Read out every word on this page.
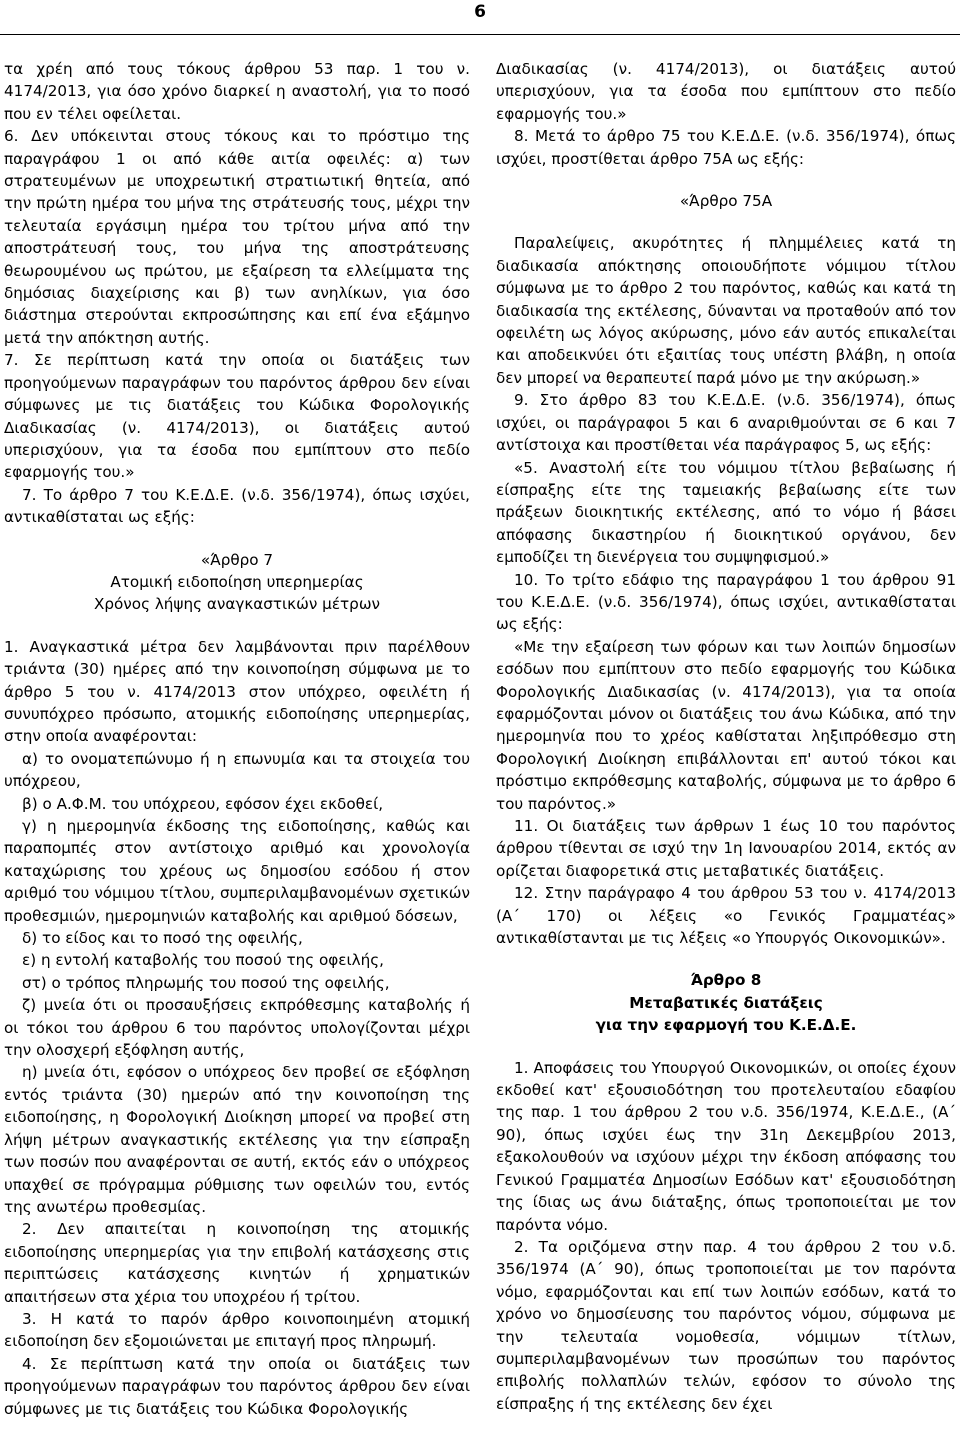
6

τα χρέη από τους τόκους άρθρου 53 παρ. 1 του ν. 4174/2013, για όσο χρόνο διαρκεί η αναστολή, για το ποσό που εν τέλει οφείλεται.

6. Δεν υπόκεινται στους τόκους και το πρόστιμο της παραγράφου 1 οι από κάθε αιτία οφειλές: α) των στρατευμένων με υποχρεωτική στρατιωτική θητεία, από την πρώτη ημέρα του μήνα της στράτευσής τους, μέχρι την τελευταία εργάσιμη ημέρα του τρίτου μήνα από την αποστράτευσή τους, του μήνα της αποστράτευσης θεωρουμένου ως πρώτου, με εξαίρεση τα ελλείμματα της δημόσιας διαχείρισης και β) των ανηλίκων, για όσο διάστημα στερούνται εκπροσώπησης και επί ένα εξάμηνο μετά την απόκτηση αυτής.

7. Σε περίπτωση κατά την οποία οι διατάξεις των προηγούμενων παραγράφων του παρόντος άρθρου δεν είναι σύμφωνες με τις διατάξεις του Κώδικα Φορολογικής Διαδικασίας (ν. 4174/2013), οι διατάξεις αυτού υπερισχύουν, για τα έσοδα που εμπίπτουν στο πεδίο εφαρμογής του.»

7. Το άρθρο 7 του Κ.Ε.Δ.Ε. (ν.δ. 356/1974), όπως ισχύει, αντικαθίσταται ως εξής:

«Άρθρο 7

Ατομική ειδοποίηση υπερημερίας

Χρόνος λήψης αναγκαστικών μέτρων

1. Αναγκαστικά μέτρα δεν λαμβάνονται πριν παρέλθουν τριάντα (30) ημέρες από την κοινοποίηση σύμφωνα με το άρθρο 5 του ν. 4174/2013 στον υπόχρεο, οφειλέτη ή συνυπόχρεο πρόσωπο, ατομικής ειδοποίησης υπερημερίας, στην οποία αναφέρονται:

α) το ονοματεπώνυμο ή η επωνυμία και τα στοιχεία του υπόχρεου,

β) ο Α.Φ.Μ. του υπόχρεου, εφόσον έχει εκδοθεί,

γ) η ημερομηνία έκδοσης της ειδοποίησης, καθώς και παραπομπές στον αντίστοιχο αριθμό και χρονολογία καταχώρισης του χρέους ως δημοσίου εσόδου ή στον αριθμό του νόμιμου τίτλου, συμπεριλαμβανομένων σχετικών προθεσμιών, ημερομηνιών καταβολής και αριθμού δόσεων,

δ) το είδος και το ποσό της οφειλής,

ε) η εντολή καταβολής του ποσού της οφειλής,

στ) ο τρόπος πληρωμής του ποσού της οφειλής,

ζ) μνεία ότι οι προσαυξήσεις εκπρόθεσμης καταβολής ή οι τόκοι του άρθρου 6 του παρόντος υπολογίζονται μέχρι την ολοσχερή εξόφληση αυτής,

η) μνεία ότι, εφόσον ο υπόχρεος δεν προβεί σε εξόφληση εντός τριάντα (30) ημερών από την κοινοποίηση της ειδοποίησης, η Φορολογική Διοίκηση μπορεί να προβεί στη λήψη μέτρων αναγκαστικής εκτέλεσης για την είσπραξη των ποσών που αναφέρονται σε αυτή, εκτός εάν ο υπόχρεος υπαχθεί σε πρόγραμμα ρύθμισης των οφειλών του, εντός της ανωτέρω προθεσμίας.

2. Δεν απαιτείται η κοινοποίηση της ατομικής ειδοποίησης υπερημερίας για την επιβολή κατάσχεσης στις περιπτώσεις κατάσχεσης κινητών ή χρηματικών απαιτήσεων στα χέρια του υποχρέου ή τρίτου.

3. Η κατά το παρόν άρθρο κοινοποιημένη ατομική ειδοποίηση δεν εξομοιώνεται με επιταγή προς πληρωμή.

4. Σε περίπτωση κατά την οποία οι διατάξεις των προηγούμενων παραγράφων του παρόντος άρθρου δεν είναι σύμφωνες με τις διατάξεις του Κώδικα Φορολογικής

Διαδικασίας (ν. 4174/2013), οι διατάξεις αυτού υπερισχύουν, για τα έσοδα που εμπίπτουν στο πεδίο εφαρμογής του.»

8. Μετά το άρθρο 75 του Κ.Ε.Δ.Ε. (ν.δ. 356/1974), όπως ισχύει, προστίθεται άρθρο 75Α ως εξής:

«Άρθρο 75Α

Παραλείψεις, ακυρότητες ή πλημμέλειες κατά τη διαδικασία απόκτησης οποιουδήποτε νόμιμου τίτλου σύμφωνα με το άρθρο 2 του παρόντος, καθώς και κατά τη διαδικασία της εκτέλεσης, δύνανται να προταθούν από τον οφειλέτη ως λόγος ακύρωσης, μόνο εάν αυτός επικαλείται και αποδεικνύει ότι εξαιτίας τους υπέστη βλάβη, η οποία δεν μπορεί να θεραπευτεί παρά μόνο με την ακύρωση.»

9. Στο άρθρο 83 του Κ.Ε.Δ.Ε. (ν.δ. 356/1974), όπως ισχύει, οι παράγραφοι 5 και 6 αναριθμούνται σε 6 και 7 αντίστοιχα και προστίθεται νέα παράγραφος 5, ως εξής:

«5. Αναστολή είτε του νόμιμου τίτλου βεβαίωσης ή είσπραξης είτε της ταμειακής βεβαίωσης είτε των πράξεων διοικητικής εκτέλεσης, από το νόμο ή βάσει απόφασης δικαστηρίου ή διοικητικού οργάνου, δεν εμποδίζει τη διενέργεια του συμψηφισμού.»

10. Το τρίτο εδάφιο της παραγράφου 1 του άρθρου 91 του Κ.Ε.Δ.Ε. (ν.δ. 356/1974), όπως ισχύει, αντικαθίσταται ως εξής:

«Με την εξαίρεση των φόρων και των λοιπών δημοσίων εσόδων που εμπίπτουν στο πεδίο εφαρμογής του Κώδικα Φορολογικής Διαδικασίας (ν. 4174/2013), για τα οποία εφαρμόζονται μόνον οι διατάξεις του άνω Κώδικα, από την ημερομηνία που το χρέος καθίσταται ληξιπρόθεσμο στη Φορολογική Διοίκηση επιβάλλονται επ' αυτού τόκοι και πρόστιμο εκπρόθεσμης καταβολής, σύμφωνα με το άρθρο 6 του παρόντος.»

11. Οι διατάξεις των άρθρων 1 έως 10 του παρόντος άρθρου τίθενται σε ισχύ την 1η Ιανουαρίου 2014, εκτός αν ορίζεται διαφορετικά στις μεταβατικές διατάξεις.

12. Στην παράγραφο 4 του άρθρου 53 του ν. 4174/2013 (Α΄ 170) οι λέξεις «ο Γενικός Γραμματέας» αντικαθίστανται με τις λέξεις «ο Υπουργός Οικονομικών».

Άρθρο 8

Μεταβατικές διατάξεις

για την εφαρμογή του Κ.Ε.Δ.Ε.

1. Αποφάσεις του Υπουργού Οικονομικών, οι οποίες έχουν εκδοθεί κατ' εξουσιοδότηση του προτελευταίου εδαφίου της παρ. 1 του άρθρου 2 του ν.δ. 356/1974, Κ.Ε.Δ.Ε., (Α΄ 90), όπως ισχύει έως την 31η Δεκεμβρίου 2013, εξακολουθούν να ισχύουν μέχρι την έκδοση απόφασης του Γενικού Γραμματέα Δημοσίων Εσόδων κατ' εξουσιοδότηση της ίδιας ως άνω διάταξης, όπως τροποποιείται με τον παρόντα νόμο.

2. Τα οριζόμενα στην παρ. 4 του άρθρου 2 του ν.δ. 356/1974 (Α΄ 90), όπως τροποποιείται με τον παρόντα νόμο, εφαρμόζονται και επί των λοιπών εσόδων, κατά το χρόνο νο δημοσίευσης του παρόντος νόμου, σύμφωνα με την τελευταία νομοθεσία, νόμιμων τίτλων, συμπεριλαμβανομένων των προσώπων του παρόντος επιβολής πολλαπλών τελών, εφόσον το σύνολο της είσπραξης ή της εκτέλεσης δεν έχει
